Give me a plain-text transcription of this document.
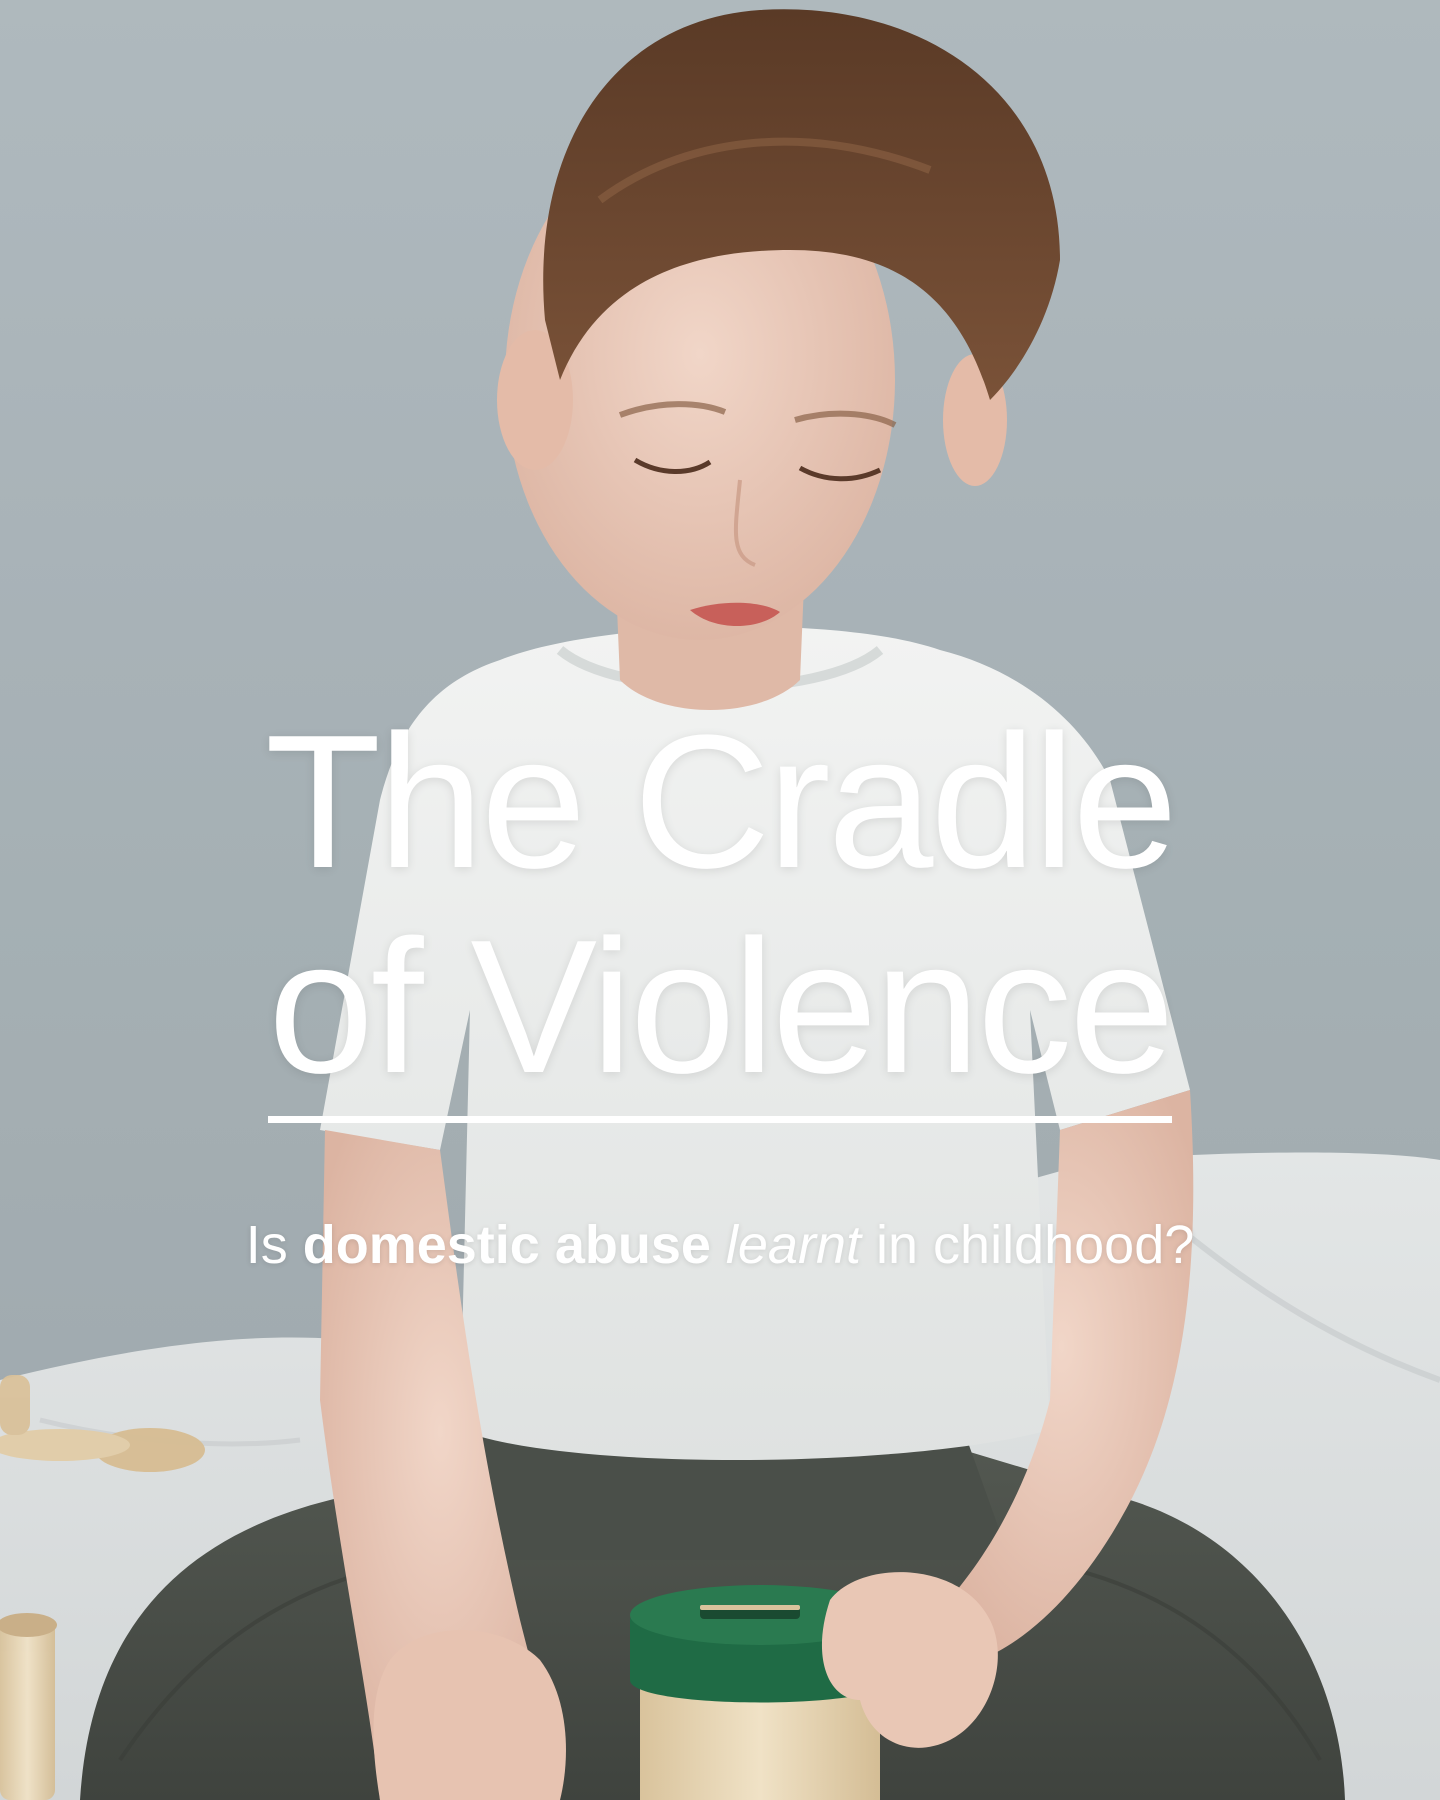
The Cradle
of Violence
Is domestic abuse learnt in childhood?
